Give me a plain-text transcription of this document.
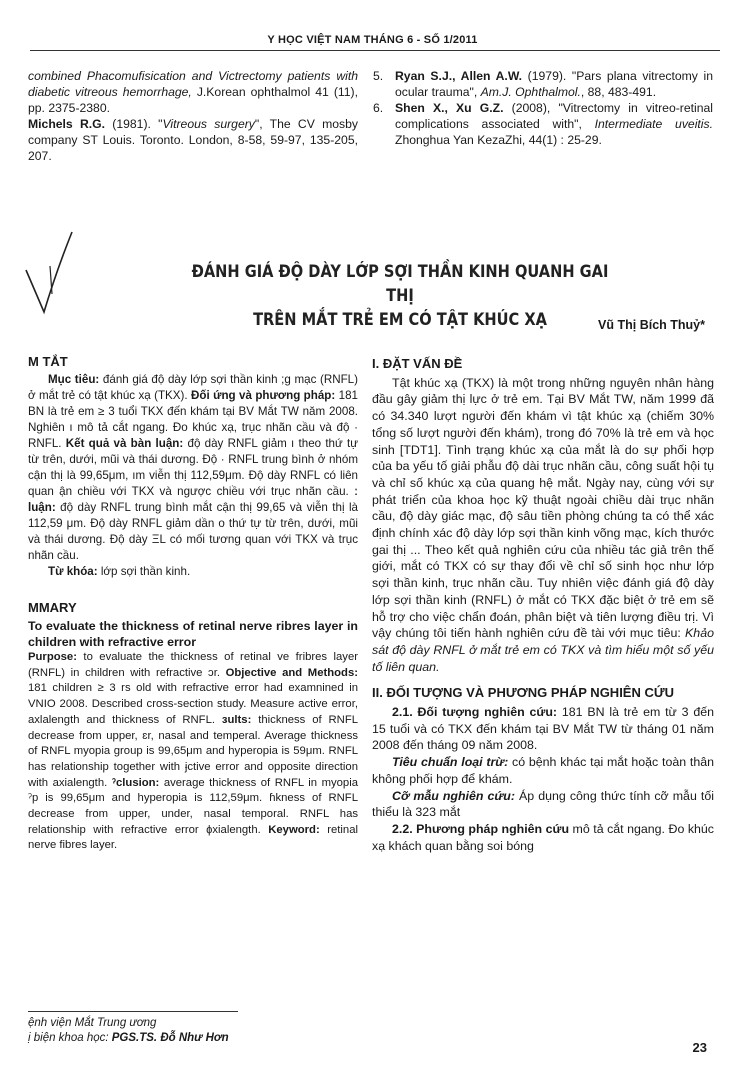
Y HỌC VIỆT NAM THÁNG 6 - SỐ 1/2011

combined Phacomufisication and Victrectomy patients with diabetic vitreous hemorrhage, J.Korean ophthalmol 41 (11), pp. 2375-2380.

Michels R.G. (1981). "Vitreous surgery", The CV mosby company ST Louis. Toronto. London, 8-58, 59-97, 135-205, 207.

5. Ryan S.J., Allen A.W. (1979). "Pars plana vitrectomy in ocular trauma", Am.J. Ophthalmol., 88, 483-491.
6. Shen X., Xu G.Z. (2008), "Vitrectomy in vitreo-retinal complications associated with", Intermediate uveitis. Zhonghua Yan KezaZhi, 44(1) : 25-29.
ĐÁNH GIÁ ĐỘ DÀY LỚP SỢI THẦN KINH QUANH GAI THỊ
TRÊN MẮT TRẺ EM CÓ TẬT KHÚC XẠ	Vũ Thị Bích Thuỷ*
M TẮT

Mục tiêu: đánh giá độ dày lớp sợi thần kinh ;g mạc (RNFL) ở mắt trẻ có tật khúc xạ (TKX). Đối ứng và phương pháp: 181 BN là trẻ em ≥ 3 tuổi TKX đến khám tại BV Mắt TW năm 2008. Nghiên ı mô tả cắt ngang. Đo khúc xạ, trục nhãn cầu và độ · RNFL. Kết quả và bàn luận: độ dày RNFL giảm ı theo thứ tự từ trên, dưới, mũi và thái dương. Độ · RNFL trung bình ở nhóm cận thị là 99,65μm, ım viễn thị 112,59μm. Độ dày RNFL có liên quan ận chiều với TKX và ngược chiều với trục nhãn cầu. ː luận: độ dày RNFL trung bình mắt cận thị 99,65 và viễn thị là 112,59 μm. Độ dày RNFL giảm dần o thứ tự từ trên, dưới, mũi và thái dương. Độ dày ΞL có mối tương quan với TKX và trục nhãn cầu.

Từ khóa: lớp sợi thần kinh.

MMARY
To evaluate the thickness of retinal nerve ribres layer in children with refractive error

Purpose: to evaluate the thickness of retinal ve fribres layer (RNFL) in children with refractive ɔr. Objective and Methods: 181 children ≥ 3 rs old with refractive error had examnined in VNIO 2008. Described cross-section study. Measure active error, axlalength and thickness of RNFL. ɜults: thickness of RNFL decrease from upper, ɛr, nasal and temperal. Average thickness of RNFL myopia group is 99,65μm and hyperopia is 59μm. RNFL has relationship together with ɉctive error and opposite direction with axialength. ˀclusion: average thickness of RNFL in myopia ˀp is 99,65μm and hyperopia is 112,59μm. ɦkness of RNFL decrease from upper, under, nasal temporal. RNFL has relationship with refractive error ɸxialength. Keyword: retinal nerve fibres layer.

I. ĐẶT VẤN ĐỀ

Tật khúc xạ (TKX) là một trong những nguyên nhân hàng đầu gây giảm thị lực ở trẻ em. Tại BV Mắt TW, năm 1999 đã có 34.340 lượt người đến khám vì tật khúc xạ (chiếm 30% tổng số lượt người đến khám), trong đó 70% là trẻ em và học sinh [TDT1]. Tình trạng khúc xạ của mắt là do sự phối hợp của ba yếu tố giải phẫu độ dài trục nhãn cầu, công suất hội tụ và chỉ số khúc xạ của quang hệ mắt. Ngày nay, cùng với sự phát triển của khoa học kỹ thuật ngoài chiều dài trục nhãn cầu, độ dày giác mạc, độ sâu tiền phòng chúng ta có thể xác định chính xác độ dày lớp sợi thần kinh võng mạc, kích thước gai thị ... Theo kết quả nghiên cứu của nhiều tác giả trên thế giới, mắt có TKX có sự thay đổi về chỉ số sinh học như lớp sợi thần kinh, trục nhãn cầu. Tuy nhiên việc đánh giá độ dày lớp sợi thần kinh (RNFL) ở mắt có TKX đặc biệt ở trẻ em sẽ hỗ trợ cho việc chẩn đoán, phân biệt và tiên lượng điều trị. Vì vậy chúng tôi tiến hành nghiên cứu đề tài với mục tiêu: Khảo sát độ dày RNFL ở mắt trẻ em có TKX và tìm hiểu một số yếu tố liên quan.

II. ĐỐI TƯỢNG VÀ PHƯƠNG PHÁP NGHIÊN CỨU

2.1. Đối tượng nghiên cứu: 181 BN là trẻ em từ 3 đến 15 tuổi và có TKX đến khám tại BV Mắt TW từ tháng 01 năm 2008 đến tháng 09 năm 2008.

Tiêu chuẩn loại trừ: có bệnh khác tại mắt hoặc toàn thân không phối hợp để khám.

Cỡ mẫu nghiên cứu: Áp dụng công thức tính cỡ mẫu tối thiểu là 323 mắt

2.2. Phương pháp nghiên cứu mô tả cắt ngang. Đo khúc xạ khách quan bằng soi bóng

ệnh viện Mắt Trung ương
ị biện khoa học: PGS.TS. Đỗ Như Hơn
23
